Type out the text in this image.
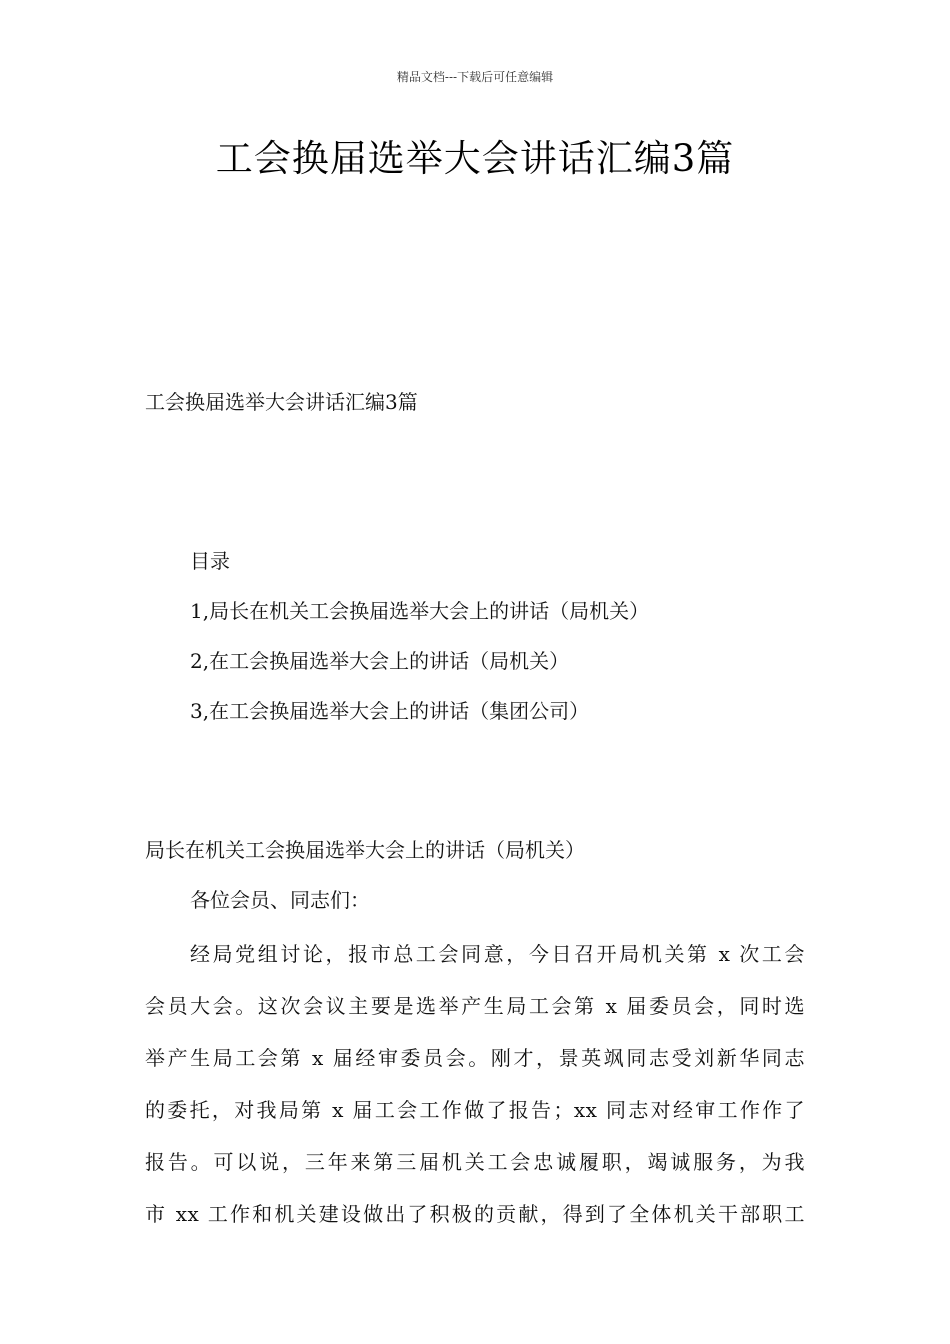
精品文档---下载后可任意编辑
工会换届选举大会讲话汇编3篇
工会换届选举大会讲话汇编3篇
目录
1,局长在机关工会换届选举大会上的讲话（局机关）
2,在工会换届选举大会上的讲话（局机关）
3,在工会换届选举大会上的讲话（集团公司）
局长在机关工会换届选举大会上的讲话（局机关）
各位会员、同志们：
经局党组讨论，报市总工会同意，今日召开局机关第 x 次工会
会员大会。这次会议主要是选举产生局工会第 x 届委员会，同时选
举产生局工会第 x 届经审委员会。刚才，景英飒同志受刘新华同志
的委托，对我局第 x 届工会工作做了报告；xx 同志对经审工作作了
报告。可以说，三年来第三届机关工会忠诚履职，竭诚服务，为我
市 xx 工作和机关建设做出了积极的贡献，得到了全体机关干部职工
